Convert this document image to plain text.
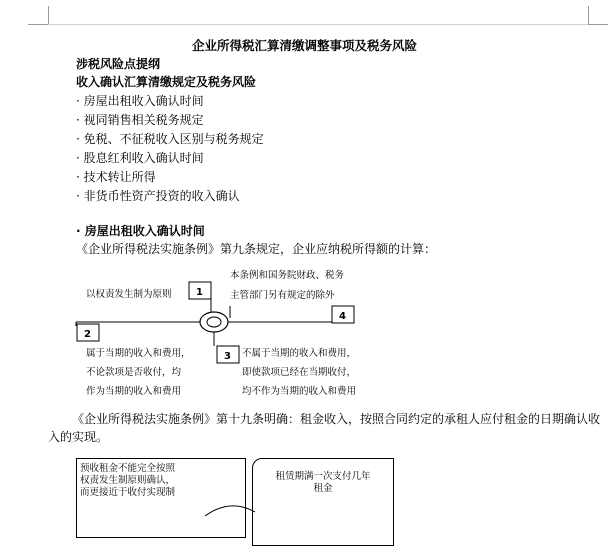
企业所得税汇算清缴调整事项及税务风险
涉税风险点提纲
收入确认汇算清缴规定及税务风险
· 房屋出租收入确认时间
· 视同销售相关税务规定
· 免税、不征税收入区别与税务规定
· 股息红利收入确认时间
· 技术转让所得
· 非货币性资产投资的收入确认
· 房屋出租收入确认时间
《企业所得税法实施条例》第九条规定，企业应纳税所得额的计算：
以权责发生制为原则 1
本条例和国务院财政、税务
主管部门另有规定的除外
4
2
属于当期的收入和费用，
不论款项是否收付，均
作为当期的收入和费用
3 不属于当期的收入和费用，
即使款项已经在当期收付，
均不作为当期的收入和费用
《企业所得税法实施条例》第十九条明确：租金收入，按照合同约定的承租人应付租金的日期确认收入的实现。
预收租金不能完全按照
权责发生制原则确认，
而更接近于收付实现制
租赁期满一次支付几年
租金
